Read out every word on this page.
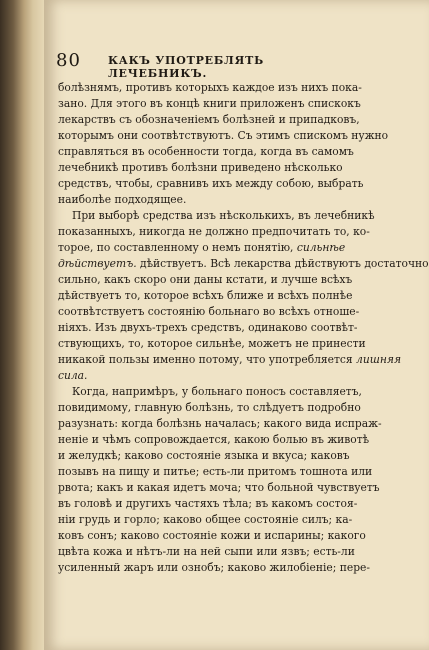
80 КАКЪ УПОТРЕБЛЯТЬ ЛЕЧЕБНИКЪ.
болѣзнямъ, противъ которыхъ каждое изъ нихъ пока-
зано. Для этого въ концѣ книги приложенъ спискокъ
лекарствъ съ обозначеніемъ болѣзней и припадковъ,
которымъ они соотвѣтствуютъ. Съ этимъ спискомъ нужно
справляться въ особенности тогда, когда въ самомъ
лечебникѣ противъ болѣзни приведено нѣсколько
средствъ, чтобы, сравнивъ ихъ между собою, выбрать
наиболѣе подходящее.
При выборѣ средства изъ нѣсколькихъ, въ лечебникѣ
показанныхъ, никогда не должно предпочитать то, ко-
торое, по составленному о немъ понятію, сильнѣе
дѣйствуетъ. дѣйствуетъ. Всѣ лекарства дѣйствуютъ достаточно
сильно, какъ скоро они даны кстати, и лучше всѣхъ
дѣйствуетъ то, которое всѣхъ ближе и всѣхъ полнѣе
соотвѣтствуетъ состоянію больнаго во всѣхъ отноше-
ніяхъ. Изъ двухъ-трехъ средствъ, одинаково соотвѣт-
ствующихъ, то, которое сильнѣе, можетъ не принести
никакой пользы именно потому, что употребляется лишняя
сила.
Когда, напримѣръ, у больнаго поносъ составляетъ,
повидимому, главную болѣзнь, то слѣдуетъ подробно
разузнать: когда болѣзнь началась; какого вида испраж-
неніе и чѣмъ сопровождается, какою болью въ животѣ
и желудкѣ; каково состояніе языка и вкуса; каковъ
позывъ на пищу и питье; есть-ли притомъ тошнота или
рвота; какъ и какая идетъ моча; что больной чувствуетъ
въ головѣ и другихъ частяхъ тѣла; въ какомъ состоя-
ніи грудь и горло; каково общее состояніе силъ; ка-
ковъ сонъ; каково состояніе кожи и испарины; какого
цвѣта кожа и нѣтъ-ли на ней сыпи или язвъ; есть-ли
усиленный жаръ или ознобъ; каково жилобіеніе; пере-
